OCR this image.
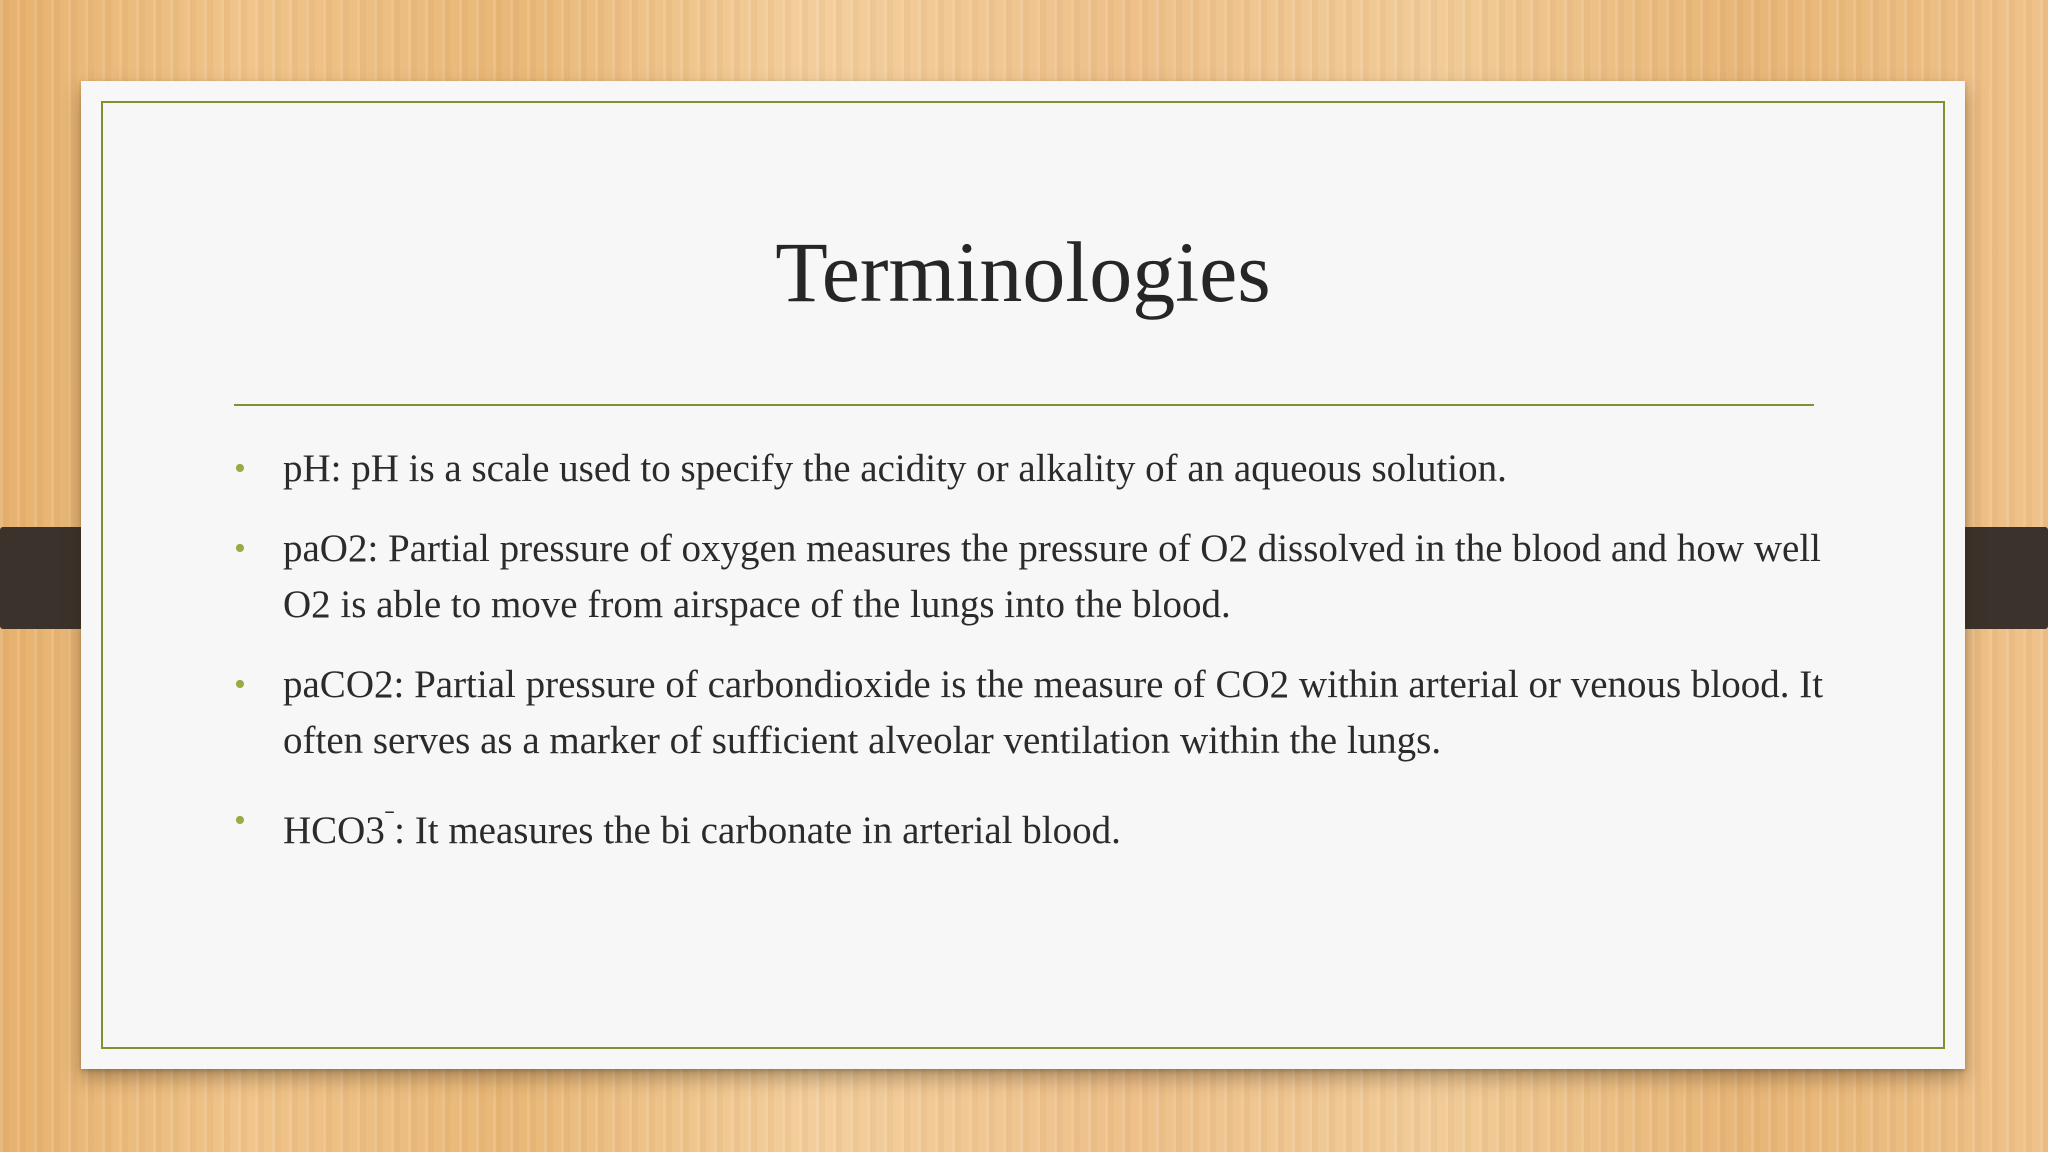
Terminologies
• pH: pH is a scale used to specify the acidity or alkality of an aqueous solution.
• paO2: Partial pressure of oxygen measures the pressure of O2 dissolved in the blood and how well O2 is able to move from airspace of the lungs into the blood.
• paCO2: Partial pressure of carbondioxide is the measure of CO2 within arterial or venous blood. It often serves as a marker of sufficient alveolar ventilation within the lungs.
• $HCO3^ˉ$: It measures the bi carbonate in arterial blood.
